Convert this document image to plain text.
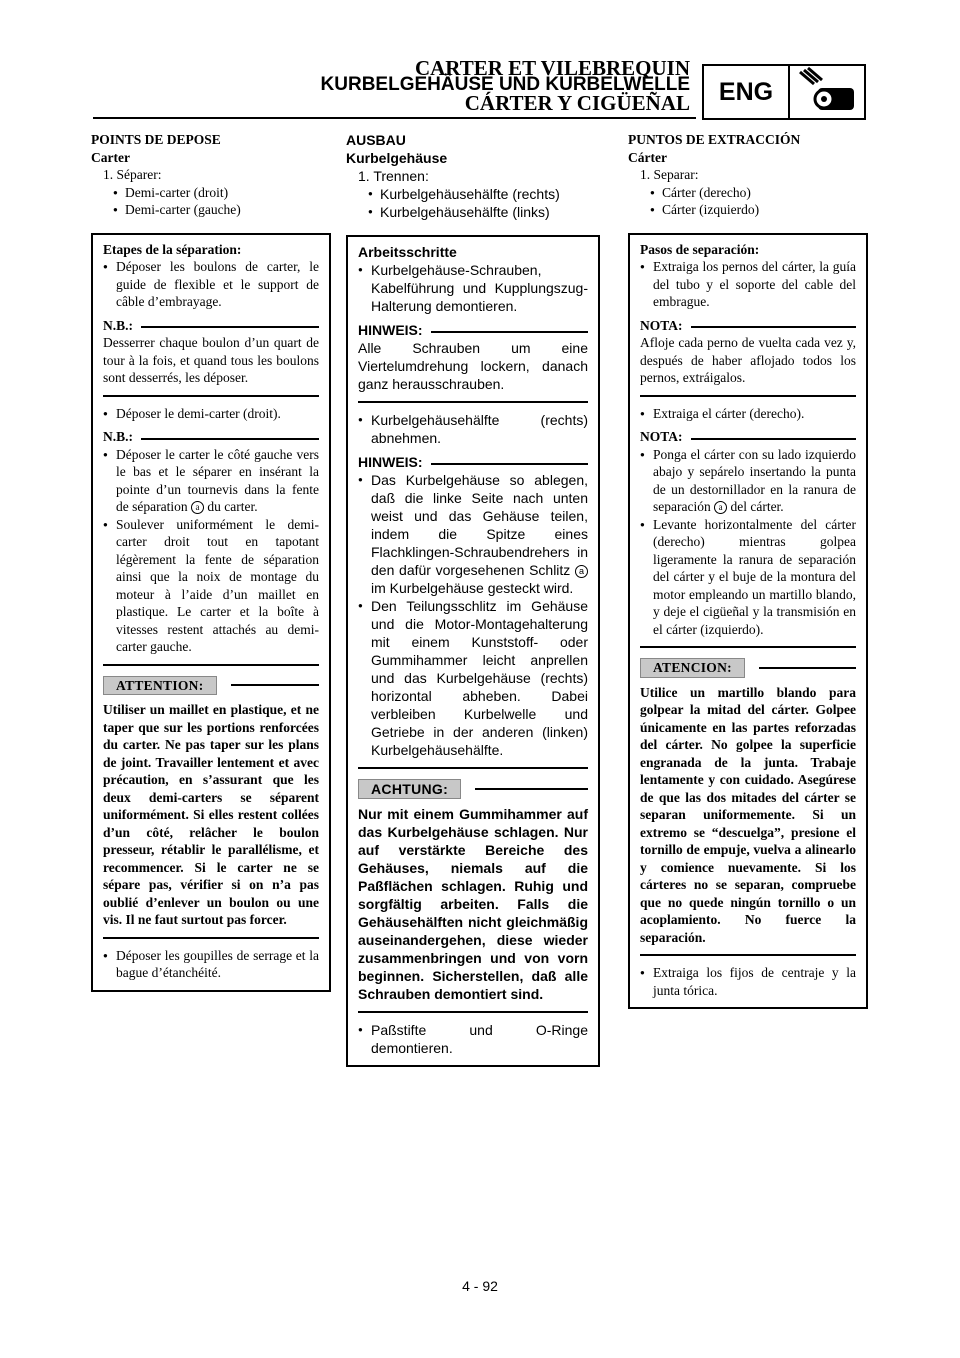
CARTER ET VILEBREQUIN
KURBELGEHÄUSE UND KURBELWELLE
CÁRTER Y CIGÜEÑAL	ENG
POINTS DE DEPOSE
Carter
1. Séparer:
● Demi-carter (droit)
● Demi-carter (gauche)
Etapes de la séparation:
● Déposer les boulons de carter, le guide de flexible et le support de câble d’embrayage.
N.B.:
Desserrer chaque boulon d’un quart de tour à la fois, et quand tous les boulons sont desserrés, les déposer.
● Déposer le demi-carter (droit).
N.B.:
● Déposer le carter le côté gauche vers le bas et le séparer en insérant la pointe d’un tournevis dans la fente de séparation a du carter.
● Soulever uniformément le demi-carter droit tout en tapotant légèrement la fente de séparation ainsi que la noix de montage du moteur à l’aide d’un maillet en plastique. Le carter et la boîte à vitesses restent attachés au demi-carter gauche.
ATTENTION:
Utiliser un maillet en plastique, et ne taper que sur les portions renforcées du carter. Ne pas taper sur les plans de joint. Travailler lentement et avec précaution, en s’assurant que les deux demi-carters se séparent uniformément. Si elles restent collées d’un côté, relâcher le boulon presseur, rétablir le parallélisme, et recommencer. Si le carter ne se sépare pas, vérifier si on n’a pas oublié d’enlever un boulon ou une vis. Il ne faut surtout pas forcer.
● Déposer les goupilles de serrage et la bague d’étanchéité.
AUSBAU
Kurbelgehäuse
1. Trennen:
● Kurbelgehäusehälfte (rechts)
● Kurbelgehäusehälfte (links)
Arbeitsschritte
● Kurbelgehäuse-Schrauben, Kabelführung und Kupplungszug-Halterung demontieren.
HINWEIS:
Alle Schrauben um eine Viertelumdrehung lockern, danach ganz herausschrauben.
● Kurbelgehäusehälfte (rechts) abnehmen.
HINWEIS:
● Das Kurbelgehäuse so ablegen, daß die linke Seite nach unten weist und das Gehäuse teilen, indem die Spitze eines Flachklingen-Schraubendrehers in den dafür vorgesehenen Schlitz a im Kurbelgehäuse gesteckt wird.
● Den Teilungsschlitz im Gehäuse und die Motor-Montagehalterung mit einem Kunststoff- oder Gummihammer leicht anprellen und das Kurbelgehäuse (rechts) horizontal abheben. Dabei verbleiben Kurbelwelle und Getriebe in der anderen (linken) Kurbelgehäusehälfte.
ACHTUNG:
Nur mit einem Gummihammer auf das Kurbelgehäuse schlagen. Nur auf verstärkte Bereiche des Gehäuses, niemals auf die Paßflächen schlagen. Ruhig und sorgfältig arbeiten. Falls die Gehäusehälften nicht gleichmäßig auseinandergehen, diese wieder zusammenbringen und von vorn beginnen. Sicherstellen, daß alle Schrauben demontiert sind.
● Paßstifte und O-Ringe demontieren.
PUNTOS DE EXTRACCIÓN
Cárter
1. Separar:
● Cárter (derecho)
● Cárter (izquierdo)
Pasos de separación:
● Extraiga los pernos del cárter, la guía del tubo y el soporte del cable del embrague.
NOTA:
Afloje cada perno de vuelta cada vez y, después de haber aflojado todos los pernos, extráigalos.
● Extraiga el cárter (derecho).
NOTA:
● Ponga el cárter con su lado izquierdo abajo y sepárelo insertando la punta de un destornillador en la ranura de separación a del cárter.
● Levante horizontalmente del cárter (derecho) mientras golpea ligeramente la ranura de separación del cárter y el buje de la montura del motor empleando un martillo blando, y deje el cigüeñal y la transmisión en el cárter (izquierdo).
ATENCION:
Utilice un martillo blando para golpear la mitad del cárter. Golpee únicamente en las partes reforzadas del cárter. No golpee la superficie engranada de la junta. Trabaje lentamente y con cuidado. Asegúrese de que las dos mitades del cárter se separan uniformemente. Si un extremo se “descuelga”, presione el tornillo de empuje, vuelva a alinearlo y comience nuevamente. Si los cárteres no se separan, compruebe que no quede ningún tornillo o un acoplamiento. No fuerce la separación.
● Extraiga los fijos de centraje y la junta tórica.
4 - 92
